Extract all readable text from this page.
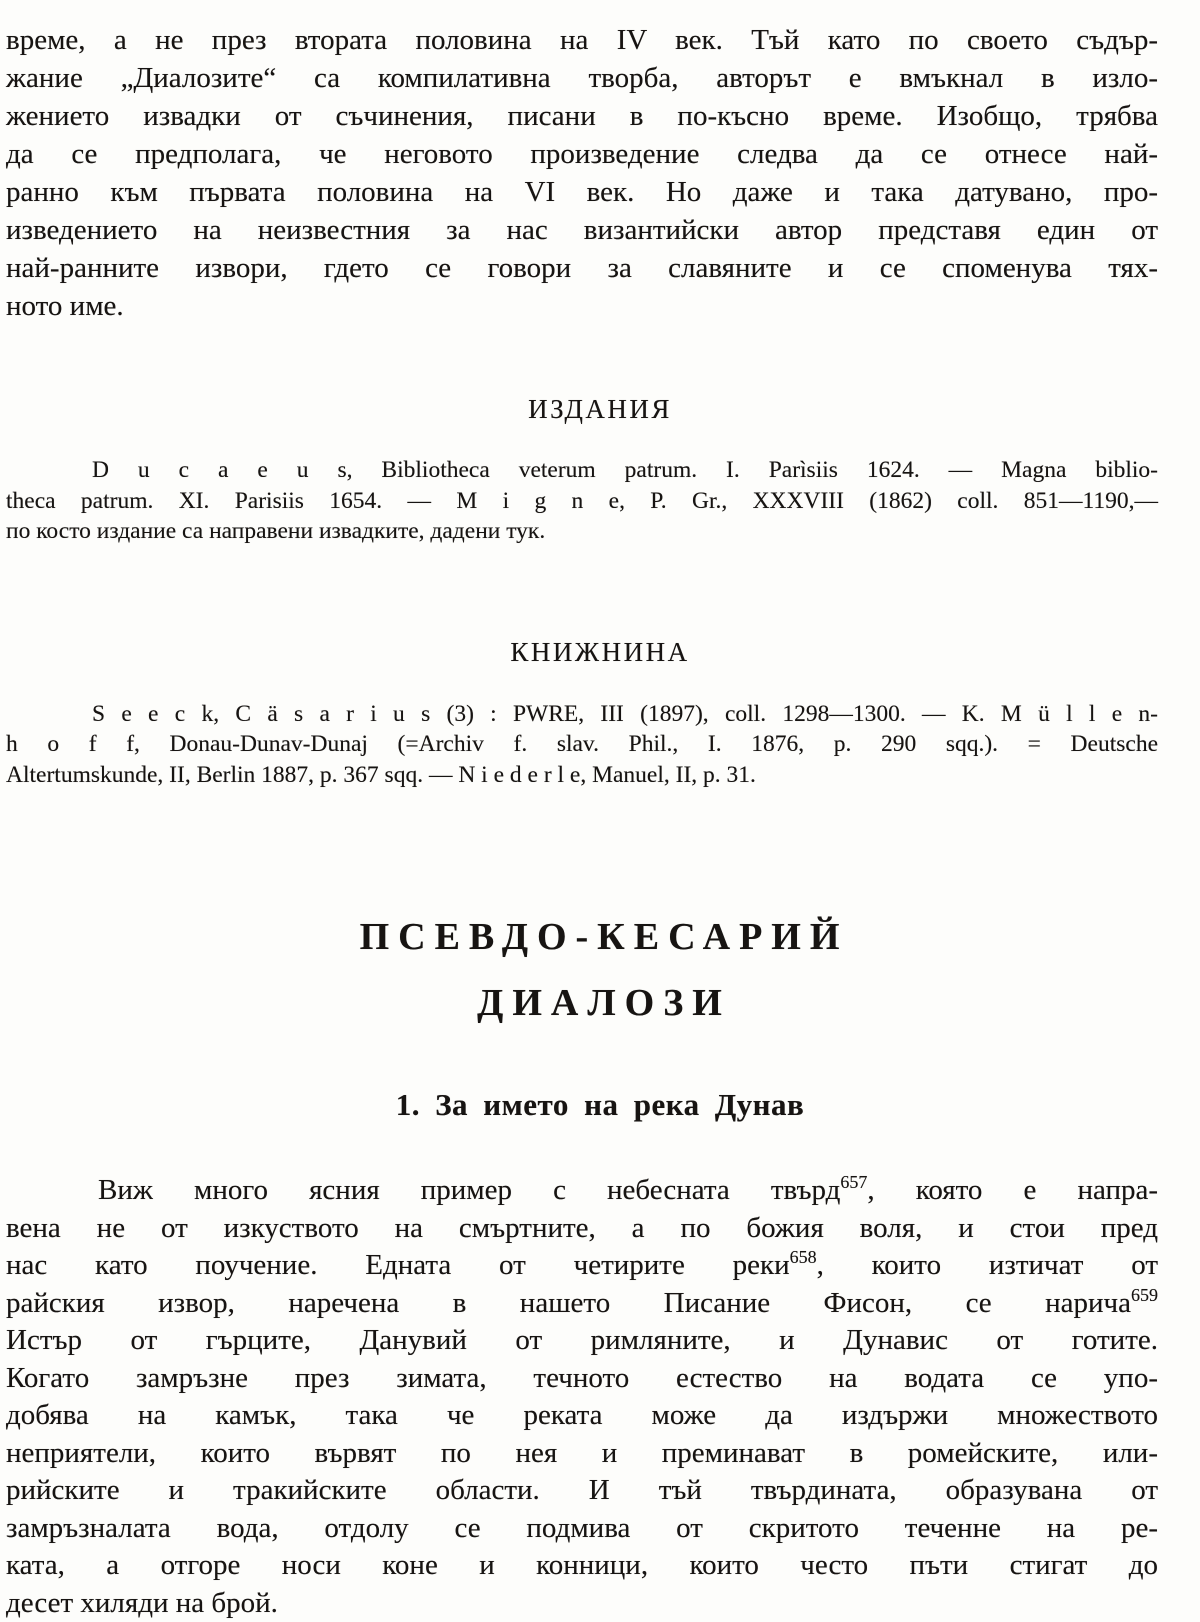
време, а не през втората половина на IV век. Тъй като по своето съдър-
жание „Диалозите“ са компилативна творба, авторът е вмъкнал в изло-
жението извадки от съчинения, писани в по-късно време. Изобщо, трябва
да се предполага, че неговото произведение следва да се отнесе най-
ранно към първата половина на VI век. Но даже и така датувано, про-
изведението на неизвестния за нас византийски автор представя един от
най-ранните извори, гдето се говори за славяните и се споменува тях-
ното име.
ИЗДАНИЯ
D u c a e u s, Bibliotheca veterum patrum. I. Parìsiis 1624. — Magna biblio-
theca patrum. XI. Parisiis 1654. — M i g n e, P. Gr., XXXVIII (1862) coll. 851—1190,—
по косто издание са направени извадките, дадени тук.
КНИЖНИНА
S e e c k, C ä s a r i u s (3) : PWRE, III (1897), coll. 1298—1300. — K. M ü l l e n-
h o f f, Donau-Dunav-Dunaj (=Archiv f. slav. Phil., I. 1876, p. 290 sqq.). = Deutsche
Altertumskunde, II, Berlin 1887, p. 367 sqq. — N i e d e r l e, Manuel, II, p. 31.
ПСЕВДО-КЕСАРИЙ
ДИАЛОЗИ
1. За името на река Дунав
Виж много ясния пример с небесната твърд$^{657}$, която е напра-
вена не от изкуството на смъртните, а по божия воля, и стои пред
нас като поучение. Едната от четирите реки$^{658}$, които изтичат от
райския извор, наречена в нашето Писание Фисон, се нарича$^{659}$
Истър от гърците, Данувий от римляните, и Дунавис от готите.
Когато замръзне през зимата, течното естество на водата се упо-
добява на камък, така че реката може да издържи множеството
неприятели, които вървят по нея и преминават в ромейските, или-
рийските и тракийските области. И тъй твърдината, образувана от
замръзналата вода, отдолу се подмива от скритото теченне на ре-
ката, а отгоре носи коне и конници, които често пъти стигат до
десет хиляди на брой.
